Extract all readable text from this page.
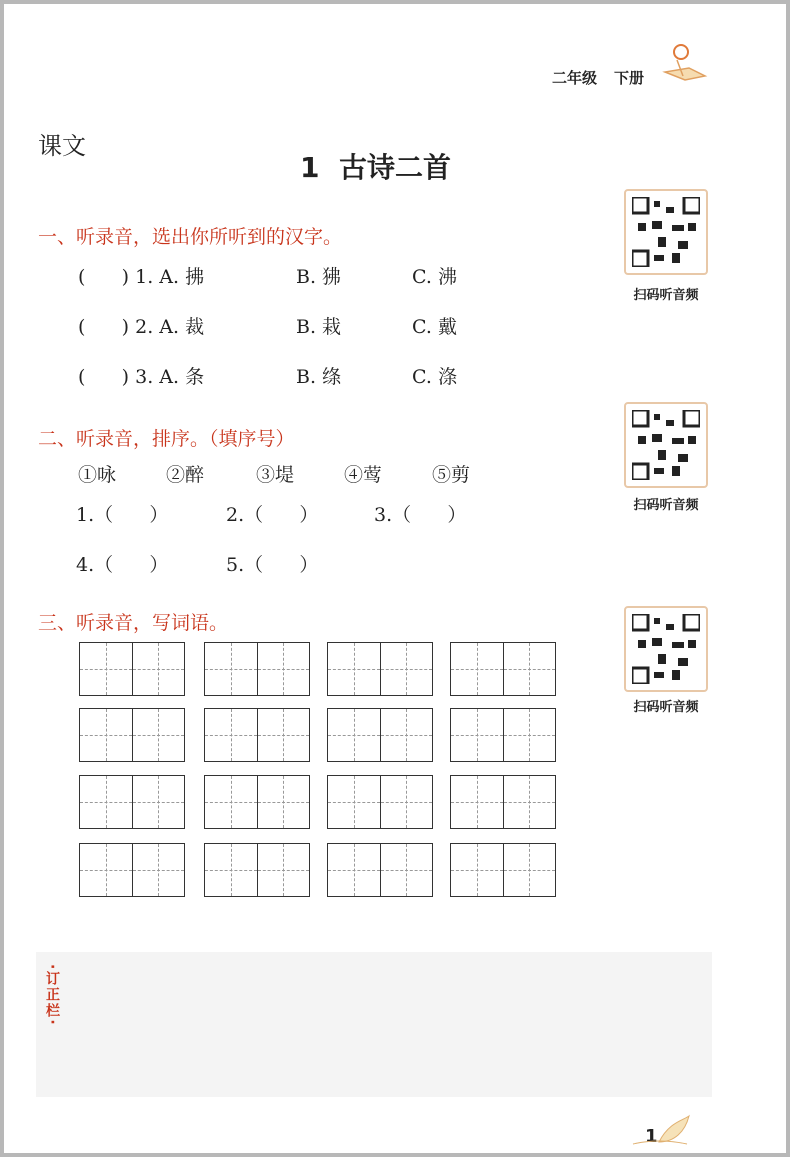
二年级 下册
课文
1  古诗二首
扫码听音频
扫码听音频
扫码听音频
一、听录音，选出你所听到的汉字。
(      ) 1. A. 拂	B. 狒	C. 沸
(      ) 2. A. 裁	B. 栽	C. 戴
(      ) 3. A. 条	B. 绦	C. 涤
二、听录音，排序。（填序号）
①咏	②醉	③堤	④莺	⑤剪
1.（      ）	2.（      ）	3.（      ）
4.（      ）	5.（      ）
三、听录音，写词语。
·订正栏·
1
